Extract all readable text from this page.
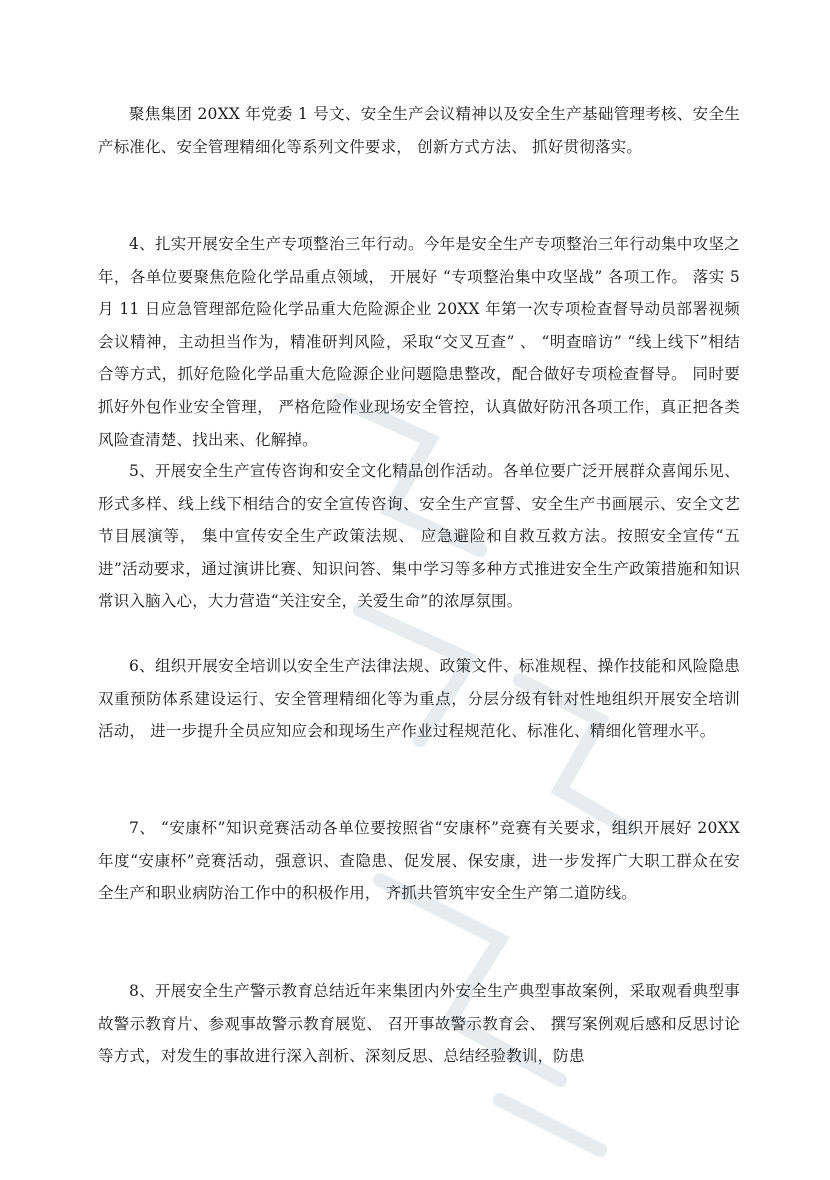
聚焦集团 20XX 年党委 1 号文、安全生产会议精神以及安全生产基础管理考核、安全生产标准化、安全管理精细化等系列文件要求， 创新方式方法、 抓好贯彻落实。

4、扎实开展安全生产专项整治三年行动。今年是安全生产专项整治三年行动集中攻坚之年，各单位要聚焦危险化学品重点领域， 开展好 “专项整治集中攻坚战” 各项工作。 落实 5 月 11 日应急管理部危险化学品重大危险源企业 20XX 年第一次专项检查督导动员部署视频会议精神，主动担当作为，精准研判风险，采取“交叉互查” 、 “明查暗访” “线上线下”相结合等方式，抓好危险化学品重大危险源企业问题隐患整改，配合做好专项检查督导。 同时要抓好外包作业安全管理， 严格危险作业现场安全管控，认真做好防汛各项工作，真正把各类风险查清楚、找出来、化解掉。

5、开展安全生产宣传咨询和安全文化精品创作活动。各单位要广泛开展群众喜闻乐见、形式多样、线上线下相结合的安全宣传咨询、安全生产宣誓、安全生产书画展示、安全文艺节目展演等， 集中宣传安全生产政策法规、 应急避险和自救互救方法。按照安全宣传“五进”活动要求，通过演讲比赛、知识问答、集中学习等多种方式推进安全生产政策措施和知识常识入脑入心，大力营造“关注安全，关爱生命”的浓厚氛围。

6、组织开展安全培训以安全生产法律法规、政策文件、标准规程、操作技能和风险隐患双重预防体系建设运行、安全管理精细化等为重点，分层分级有针对性地组织开展安全培训活动， 进一步提升全员应知应会和现场生产作业过程规范化、标准化、精细化管理水平。

7、 “安康杯”知识竞赛活动各单位要按照省“安康杯”竞赛有关要求，组织开展好 20XX 年度“安康杯”竞赛活动，强意识、查隐患、促发展、保安康，进一步发挥广大职工群众在安全生产和职业病防治工作中的积极作用， 齐抓共管筑牢安全生产第二道防线。

8、开展安全生产警示教育总结近年来集团内外安全生产典型事故案例，采取观看典型事故警示教育片、参观事故警示教育展览、 召开事故警示教育会、 撰写案例观后感和反思讨论等方式，对发生的事故进行深入剖析、深刻反思、总结经验教训，防患
